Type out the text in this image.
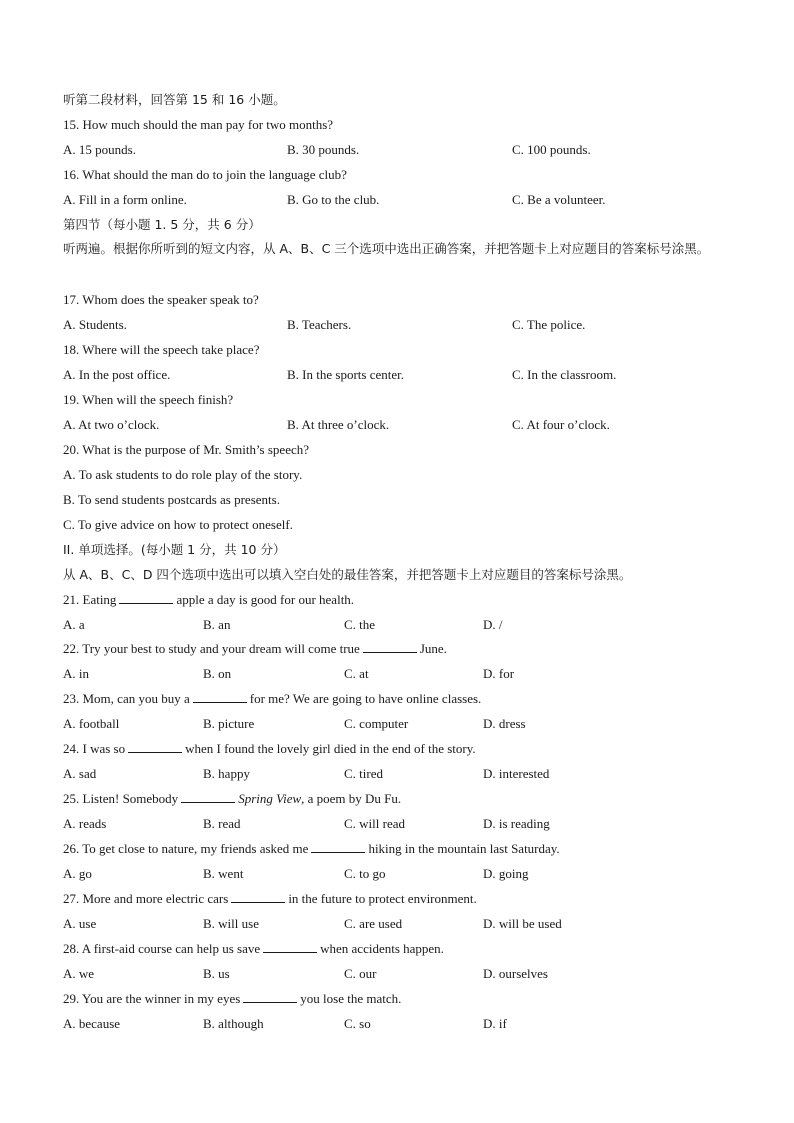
听第二段材料，回答第 15 和 16 小题。
15. How much should the man pay for two months?
A. 15 pounds.	B. 30 pounds.	C. 100 pounds.
16. What should the man do to join the language club?
A. Fill in a form online.	B. Go to the club.	C. Be a volunteer.
第四节（每小题 1. 5 分，共 6 分）
听两遍。根据你所听到的短文内容，从 A、B、C 三个选项中选出正确答案，并把答题卡上对应题目的答案标号涂黑。
17. Whom does the speaker speak to?
A. Students.	B. Teachers.	C. The police.
18. Where will the speech take place?
A. In the post office.	B. In the sports center.	C. In the classroom.
19. When will the speech finish?
A. At two o’clock.	B. At three o’clock.	C. At four o’clock.
20. What is the purpose of Mr. Smith’s speech?
A. To ask students to do role play of the story.
B. To send students postcards as presents.
C. To give advice on how to protect oneself.
II. 单项选择。(每小题 1 分，共 10 分）
从 A、B、C、D 四个选项中选出可以填入空白处的最佳答案，并把答题卡上对应题目的答案标号涂黑。
21. Eating	apple a day is good for our health.
A. a	B. an	C. the	D. /
22. Try your best to study and your dream will come true	June.
A. in	B. on	C. at	D. for
23. Mom, can you buy a	for me? We are going to have online classes.
A. football	B. picture	C. computer	D. dress
24. I was so	when I found the lovely girl died in the end of the story.
A. sad	B. happy	C. tired	D. interested
25. Listen! Somebody	Spring View, a poem by Du Fu.
A. reads	B. read	C. will read	D. is reading
26. To get close to nature, my friends asked me	hiking in the mountain last Saturday.
A. go	B. went	C. to go	D. going
27. More and more electric cars	in the future to protect environment.
A. use	B. will use	C. are used	D. will be used
28. A first-aid course can help us save	when accidents happen.
A. we	B. us	C. our	D. ourselves
29. You are the winner in my eyes	you lose the match.
A. because	B. although	C. so	D. if
